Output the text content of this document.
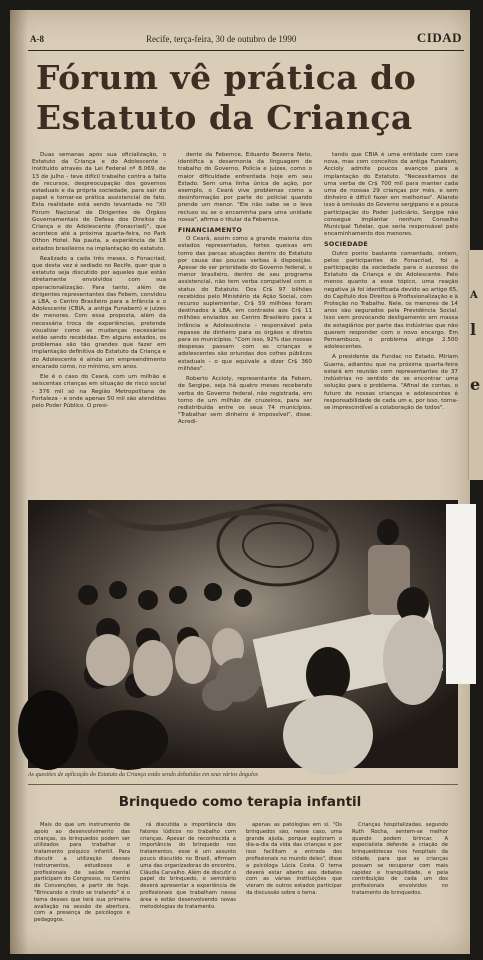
A-8	Recife, terça-feira, 30 de outubro de 1990	CIDAD
Fórum vê prática do
Estatuto da Criança

Duas semanas após sua oficialização, o Estatuto da Criança e do Adolescente - instituído através da Lei Federal nº 8.069, de 13 de julho - teve difícil trabalho contra a falta de recursos, despreocupação dos governos estaduais e da própria sociedade, para sair do papel e tornar-se prática assistencial de fato. Esta realidade está sendo levantada no "XII Fórum Nacional de Dirigentes de Órgãos Governamentais de Defesa dos Direitos da Criança e do Adolescente (Fonacriad)", que acontece até a próxima quarta-feira, no Park Othon Hotel. Na pauta, a experiência de 18 estados brasileiros na implantação do estatuto.

Realizado a cada três meses, o Fonacriad, que desta vez é sediado no Recife, quer que o estatuto seja discutido por aqueles que estão diretamente envolvidos com sua operacionalização. Para tanto, além de dirigentes representantes das Febem, convidou a LBA, o Centro Brasileiro para a Infância e o Adolescente (CBIA, a antiga Funabem) e juízes de menores. Com essa proposta, além da necessária troca de experiências, pretende visualizar como as mudanças necessárias estão sendo recebidas. Em alguns estados, os problemas são tão grandes que fazer em implantação definitiva do Estatuto da Criança e do Adolescente é ainda um empreendimento encarado como, no mínimo, em anos.

Ele é o caso do Ceará, com um milhão e seiscentas crianças em situação de risco social - 376 mil só na Região Metropolitana de Fortaleza - e onde apenas 50 mil são atendidas pelo Poder Público. O presi-

dente da Febemce, Eduardo Bezerra Neto, identifica a desarmonia da linguagem de trabalho do Governo, Polícia e juízes, como o maior dificuldade enfrentada hoje em seu Estado. Sem uma linha única de ação, por exemplo, o Ceará vive problemas como a desinformação por parte do policial quando prende um menor. "Ele não sabe se o leva recluso ou se o encaminha para uma unidade nossa", afirma o titular da Febemce.

FINANCIAMENTO

O Ceará, assim como a grande maioria dos estados representados, fortes queixas em torno das parcas atuações dentro do Estatuto por causa das poucas verbas à disposição. Apesar de ser prioridade do Governo federal, o menor brasileiro, dentro de seu programa assistencial, não tem verba compatível com o status do Estatuto. Dos Cr$ 97 bilhões recebidos pelo Ministério da Ação Social, com recurso suplementar, Cr$ 59 milhões foram destinados à LBA, em contraste aos Cr$ 11 milhões enviados ao Centro Brasileiro para a Infância e Adolescência - responsável pela repasse de dinheiro para os órgãos e diretos para os municípios. "Com isso, 92% das nossas despesas passam com as crianças e adolescentes são oriundas dos cofres públicos estaduais - o que equivale a dizer Cr$ 360 milhões".

Roberto Accioly, representante da Febem, de Sergipe, seja há quatro meses recebendo verba do Governo federal, não registrada, em torno de um milhão de cruzeiros, para ser redistribuída entre os seus 74 municípios. "Trabalhar sem dinheiro é impossível", disse. Acredi-

tando que CBIA é uma entidade com cara nova, mas com conceitos da antiga Funabem, Accioly admite poucos avanços para a implantação do Estatuto. "Necessitamos de uma verba de Cr$ 700 mil para manter cada uma de nossas 29 crianças por mês, e sem dinheiro é difícil fazer em melhorias". Aliando isso à omissão do Governo sergipano e a pouca participação do Poder Judiciário, Sergipe não consegue implantar nenhum Conselho Municipal Tutelar, que seria responsável pelo encaminhamento dos menores.

SOCIEDADE

Outro ponto bastante comentado, ontem, pelos participantes do Fonacriad, foi a participação da sociedade para o sucesso do Estatuto da Criança e do Adolescente. Pelo menos quanto a esse tópico, uma reação negativa já foi identificada devido ao artigo 65, do Capítulo dos Direitos à Profissionalização e à Proteção no Trabalho. Nele, os menores de 14 anos são segurados pela Previdência Social. Isso vem provocando desligamento em massa de estagiários por parte das indústrias que não querem responder com o novo encargo. Em Pernambuco, o problema atinge 2.500 adolescentes.

A presidente da Fundac no Estado, Miriam Guerra, adiantou que na próxima quarta-feira estará em reunião com representantes de 37 indústrias no sentido de se encontrar uma solução para o problema. "Afinal de contas, o futuro de nossas crianças e adolescentes é responsabilidade de cada um e, por isso, torna-se imprescindível a colaboração de todos".

A
l
e
As questões de aplicação do Estatuto da Criança estão sendo debatidas em seus vários ângulos
Brinquedo como terapia infantil

Mais do que um instrumento de apoio ao desenvolvimento das crianças, os brinquedos podem ser utilizados para trabalhar o tratamento psíquico infantil. Para discutir a utilização desses instrumentos, estudiosos e profissionais de saúde mental participam do Congresso, no Centro de Convenções, a partir de hoje. "Brincando e rindo se tratando" é o tema desses que terá sua primeira avaliação na sessão de abertura, com a presença de psicólogos e pedagogos.

rá discutida a importância dos fatores lúdicos no trabalho com crianças. Apesar de reconhecida a importância do brinquedo nos tratamentos, esse é um assunto pouco discutido no Brasil, afirmam uma das organizadoras do encontro, Cláudia Carvalho. Além de discutir o papel do brinquedo, o seminário deverá apresentar a experiência de profissionais que trabalham nessa área e estão desenvolvendo novas metodologias de tratamento.

apenas as patologias em si. "Os brinquedos são, nesse caso, uma grande ajuda, porque exploram o dia-a-dia da vida das crianças e por isso facilitam a entrada dos profissionais no mundo deles", disse a psicóloga Lúcia Costa. O tema deverá estar aberto aos debates com as várias instituições que vieram de outros estados participar da discussão sobre o tema.

Crianças hospitalizadas, segundo Ruth Rocha, sentem-se melhor quando podem brincar. A especialista defende a criação de brinquedotecas nos hospitais da cidade, para que as crianças possam se recuperar com mais rapidez e tranquilidade, e pela contribuição de cada um dos profissionais envolvidos no tratamento de brinquedos.
